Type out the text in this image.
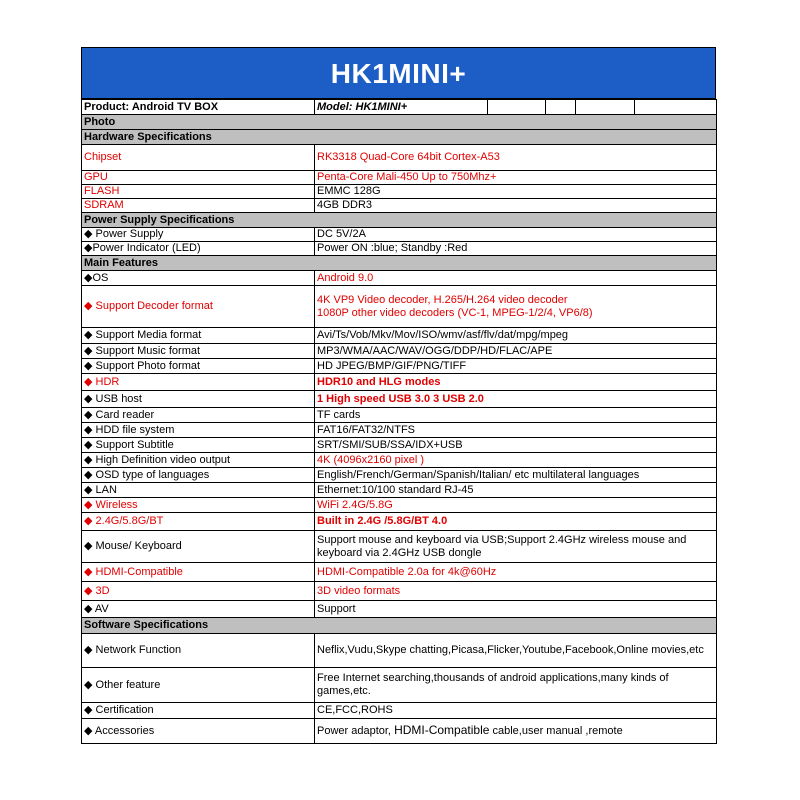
HK1MINI+
Product: Android TV BOX	Model: HK1MINI+				
Photo					
Hardware Specifications					
Chipset	RK3318 Quad-Core 64bit Cortex-A53				
GPU	Penta-Core Mali-450 Up to 750Mhz+				
FLASH	EMMC 128G				
SDRAM	4GB DDR3				
Power Supply Specifications					
◆ Power Supply	DC 5V/2A				
◆Power Indicator (LED)	Power ON :blue; Standby :Red				
Main Features					
◆OS	Android 9.0				
◆ Support Decoder format	4K VP9 Video decoder, H.265/H.264 video decoder
1080P other video decoders (VC-1, MPEG-1/2/4, VP6/8)				
◆ Support Media format	Avi/Ts/Vob/Mkv/Mov/ISO/wmv/asf/flv/dat/mpg/mpeg				
◆ Support Music format	MP3/WMA/AAC/WAV/OGG/DDP/HD/FLAC/APE				
◆ Support Photo format	HD JPEG/BMP/GIF/PNG/TIFF				
◆ HDR	HDR10 and HLG modes				
◆ USB host	1 High speed USB 3.0 3 USB 2.0				
◆ Card reader	TF cards				
◆ HDD file system	FAT16/FAT32/NTFS				
◆ Support Subtitle	SRT/SMI/SUB/SSA/IDX+USB				
◆ High Definition video output	4K (4096x2160 pixel )				
◆ OSD type of languages	English/French/German/Spanish/Italian/ etc multilateral languages				
◆ LAN	Ethernet:10/100 standard RJ-45				
◆ Wireless	WiFi 2.4G/5.8G				
◆ 2.4G/5.8G/BT	Built in 2.4G /5.8G/BT 4.0				
◆ Mouse/ Keyboard	Support mouse and keyboard via USB;Support 2.4GHz wireless mouse and keyboard via 2.4GHz USB dongle				
◆ HDMI-Compatible	HDMI-Compatible 2.0a for 4k@60Hz				
◆ 3D	3D video formats				
◆ AV	Support				
Software Specifications					
◆ Network Function	Neflix,Vudu,Skype chatting,Picasa,Flicker,Youtube,Facebook,Online movies,etc				
◆ Other feature	Free Internet searching,thousands of android applications,many kinds of games,etc.				
◆ Certification	CE,FCC,ROHS				
◆ Accessories	Power adaptor, HDMI-Compatible cable,user manual ,remote				
